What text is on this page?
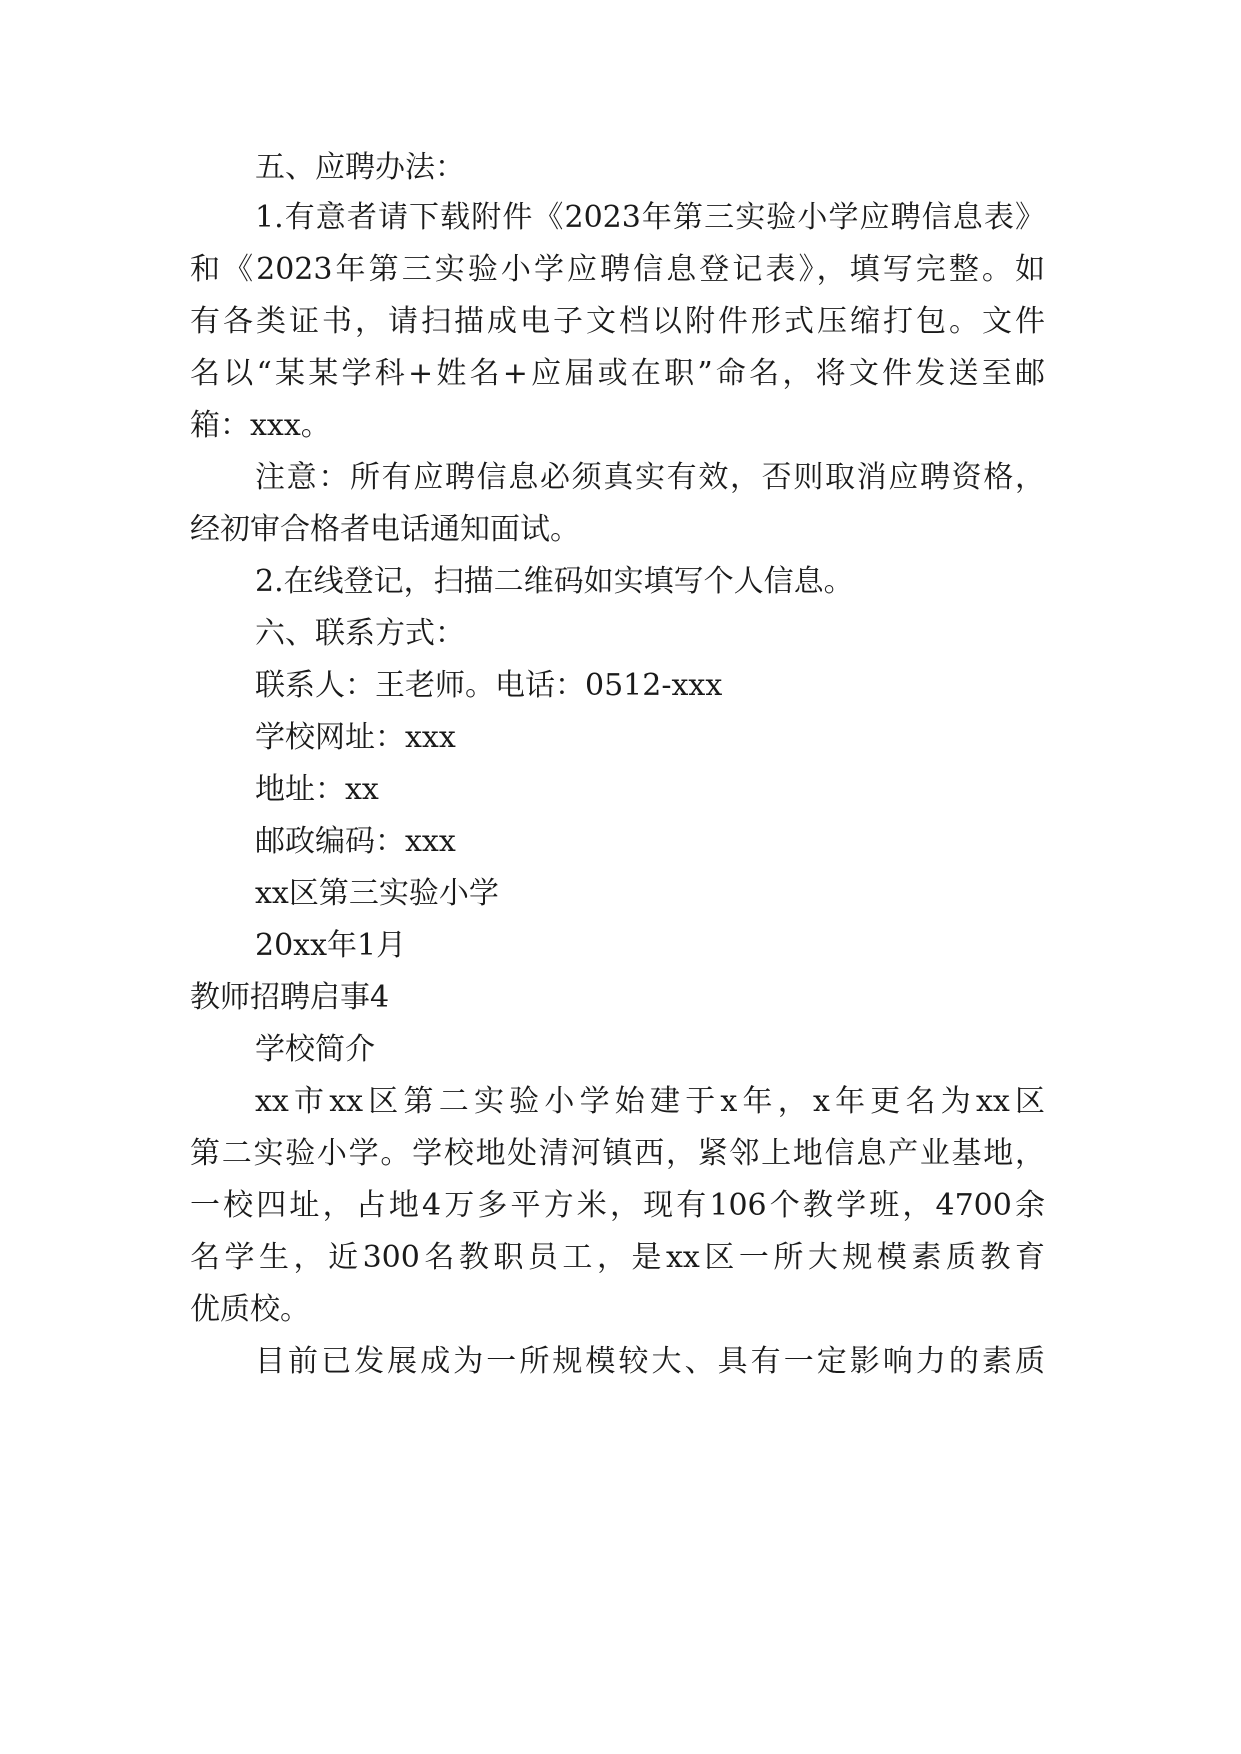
五、应聘办法：
1.有意者请下载附件《2023年第三实验小学应聘信息表》
和《2023年第三实验小学应聘信息登记表》，填写完整。如
有各类证书，请扫描成电子文档以附件形式压缩打包。文件
名以“某某学科+姓名+应届或在职”命名，将文件发送至邮
箱：xxx。
注意：所有应聘信息必须真实有效，否则取消应聘资格，
经初审合格者电话通知面试。
2.在线登记，扫描二维码如实填写个人信息。
六、联系方式：
联系人：王老师。电话：0512-xxx
学校网址：xxx
地址：xx
邮政编码：xxx
xx区第三实验小学
20xx年1月
教师招聘启事4
学校简介
xx市xx区第二实验小学始建于x年，x年更名为xx区
第二实验小学。学校地处清河镇西，紧邻上地信息产业基地，
一校四址，占地4万多平方米，现有106个教学班，4700余
名学生，近300名教职员工，是xx区一所大规模素质教育
优质校。
目前已发展成为一所规模较大、具有一定影响力的素质
